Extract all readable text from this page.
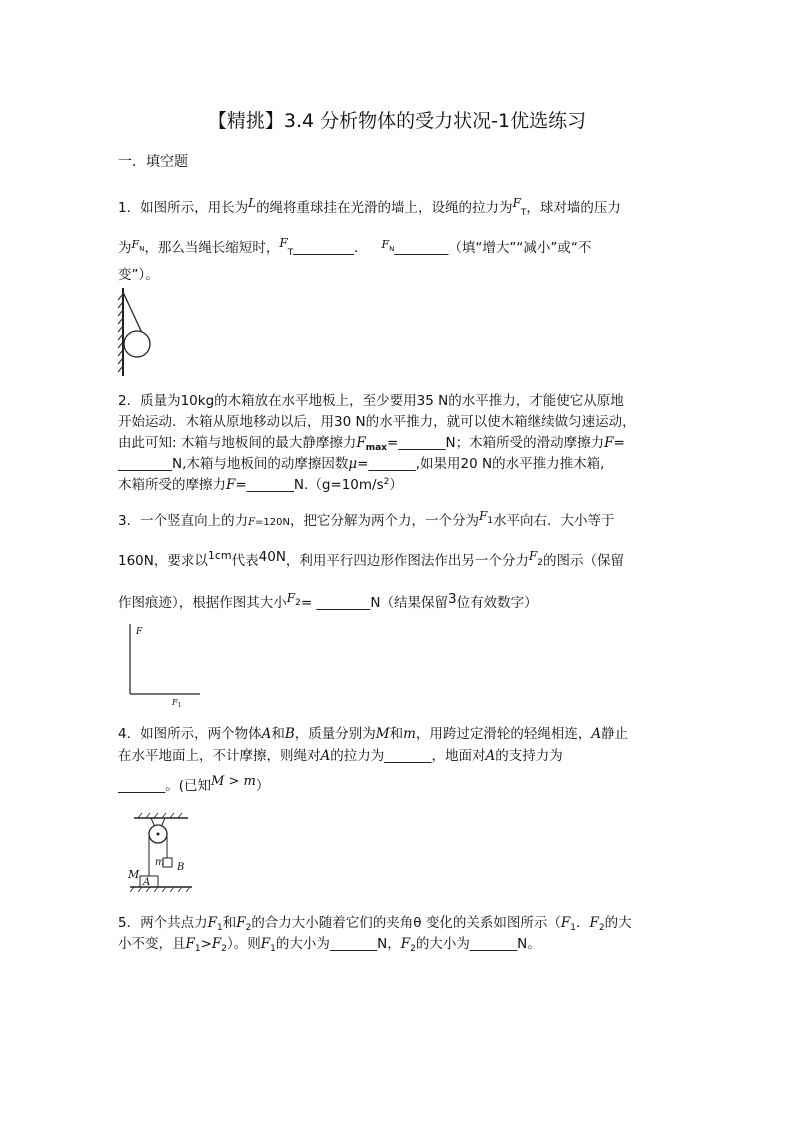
【精挑】3.4 分析物体的受力状况-1优选练习
一．填空题
1．如图所示，用长为L的绳将重球挂在光滑的墙上，设绳的拉力为$F_T$，球对墙的压力
为$^F$N，那么当绳长缩短时，$F_T\_\_\_\_\_\_\_\_\_$． $^F$N________（填“增大”“减小”或“不
变”）。
2．质量为10kg的木箱放在水平地板上，至少要用35 N的水平推力，才能使它从原地
开始运动．木箱从原地移动以后，用30 N的水平推力，就可以使木箱继续做匀速运动，
由此可知: 木箱与地板间的最大静摩擦力$F_{max}=\_\_\_\_\_\_\_N$；木箱所受的滑动摩擦力F=
________N,木箱与地板间的动摩擦因数μ=_______,如果用20 N的水平推力推木箱,
木箱所受的摩擦力$F=\_\_\_\_\_\_\_N.(g=10m/s^2)$
3．一个竖直向上的力F=120N，把它分解为两个力，一个分为$F^1$水平向右．大小等于
160N，要求以$^{1cm}$代表40N，利用平行四边形作图法作出另一个分力F2的图示（保留
作图痕迹），根据作图其大小$F^2=$ ________N（结果保留3位有效数字）
F
$F_1$
4．如图所示，两个物体A和B，质量分别为M和m，用跨过定滑轮的轻绳相连，A静止
在水平地面上，不计摩擦，则绳对A的拉力为_______，地面对A的支持力为
_______。(已知M > m）
M
m
A
B
5．两个共点力$F_1$和$F_2$的合力大小随着它们的夹角θ 变化的关系如图所示（$F_1$．$F_2$的大
小不变，且$F_1>F_2$）。则$F_1$的大小为_______N，$F_2$的大小为_______N。
